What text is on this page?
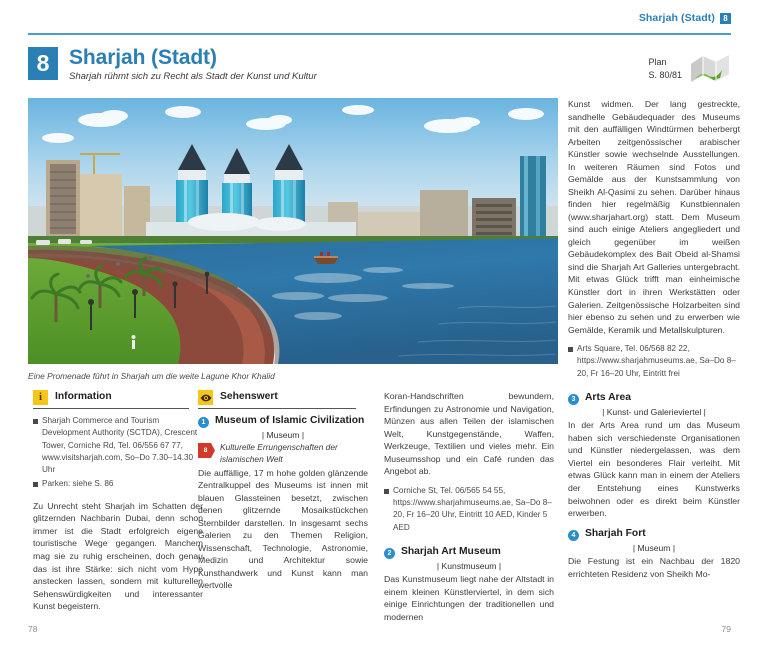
Sharjah (Stadt)	8
8 Sharjah (Stadt)
Sharjah rühmt sich zu Recht als Stadt der Kunst und Kultur
Plan
S. 80/81
Eine Promenade führt in Sharjah um die weite Lagune Khor Khalid
i Information
Sharjah Commerce and Tourism Development Authority (SCTDA), Crescent Tower, Corniche Rd, Tel. 06/556 67 77, www.visitsharjah.com, So–Do 7.30–14.30 Uhr
Parken: siehe S. 86

Zu Unrecht steht Sharjah im Schatten der glitzernden Nachbarin Dubai, denn schon immer ist die Stadt erfolgreich eigene touristische Wege gegangen. Manchem mag sie zu ruhig erscheinen, doch genau das ist ihre Stärke: sich nicht vom Hype anstecken lassen, sondern mit kulturellen Sehenswürdigkeiten und interessanter Kunst begeistern.

Sehenswert
1 Museum of Islamic Civilization
| Museum |
8	Kulturelle Errungenschaften der islamischen Welt

Die auffällige, 17 m hohe golden glänzende Zentralkuppel des Museums ist innen mit blauen Glassteinen besetzt, zwischen denen glitzernde Mosaikstückchen Sternbilder darstellen. In insgesamt sechs Galerien zu den Themen Religion, Wissenschaft, Technologie, Astronomie, Medizin und Architektur sowie Kunsthandwerk und Kunst kann man wertvolle

Koran-Handschriften bewundern, Erfindungen zu Astronomie und Navigation, Münzen aus allen Teilen der islamischen Welt, Kunstgegenstände, Waffen, Werkzeuge, Textilien und vieles mehr. Ein Museumsshop und ein Café runden das Angebot ab.

Corniche St, Tel. 06/565 54 55, https://www.sharjahmuseums.ae, Sa–Do 8–20, Fr 16–20 Uhr, Eintritt 10 AED, Kinder 5 AED
2 Sharjah Art Museum
| Kunstmuseum |

Das Kunstmuseum liegt nahe der Altstadt in einem kleinen Künstlerviertel, in dem sich einige Einrichtungen der traditionellen und modernen

Kunst widmen. Der lang gestreckte, sandhelle Gebäudequader des Museums mit den auffälligen Windtürmen beherbergt Arbeiten zeitgenössischer arabischer Künstler sowie wechselnde Ausstellungen. In weiteren Räumen sind Fotos und Gemälde aus der Kunstsammlung von Sheikh Al-Qasimi zu sehen. Darüber hinaus finden hier regelmäßig Kunstbiennalen (www.sharjahart.org) statt. Dem Museum sind auch einige Ateliers angegliedert und gleich gegenüber im weißen Gebäudekomplex des Bait Obeid al-Shamsi sind die Sharjah Art Galleries untergebracht. Mit etwas Glück trifft man einheimische Künstler dort in ihren Werkstätten oder Galerien. Zeitgenössische Holzarbeiten sind hier ebenso zu sehen und zu erwerben wie Gemälde, Keramik und Metallskulpturen.

Arts Square, Tel. 06/568 82 22, https://www.sharjahmuseums.ae, Sa–Do 8–20, Fr 16–20 Uhr, Eintritt frei
3 Arts Area
| Kunst- und Galerieviertel |

In der Arts Area rund um das Museum haben sich verschiedenste Organisationen und Künstler niedergelassen, was dem Viertel ein besonderes Flair verleiht. Mit etwas Glück kann man in einem der Ateliers der Entstehung eines Kunstwerks beiwohnen oder es direkt beim Künstler erwerben.

4 Sharjah Fort
| Museum |

Die Festung ist ein Nachbau der 1820 errichteten Residenz von Sheikh Mo-

78	79
